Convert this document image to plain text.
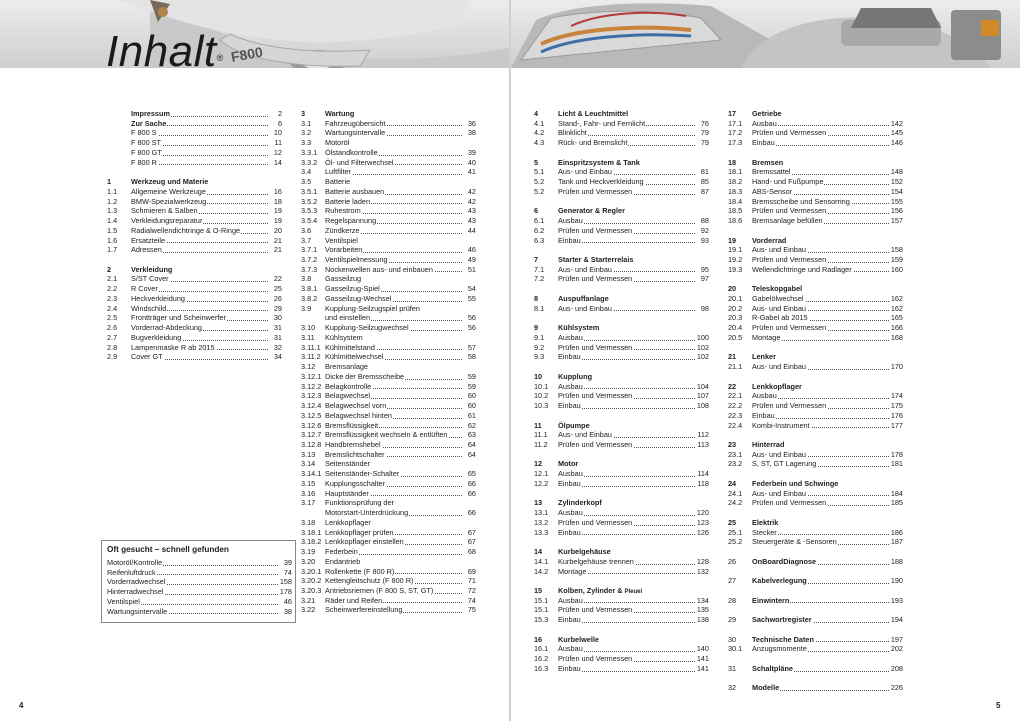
F800
Inhalt®
Impressum	2
Zur Sache	6
F 800 S	10
F 800 ST	11
F 800 GT	12
F 800 R	14
1	Werkzeug und Materie
1.1 Allgemeine Werkzeuge	16
1.2 BMW-Spezialwerkzeug	18
1.3 Schmieren & Salben	19
1.4 Verkleidungsreparatur	19
1.5 Radialwellendichtringe & O-Ringe	20
1.6 Ersatzteile	21
1.7 Adressen	21
2	Verkleidung
2.1 S/ST Cover	22
2.2 R Cover	25
2.3 Heckverkleidung	26
2.4 Windschild	29
2.5 Frontträger und Scheinwerfer	30
2.6 Vorderrad-Abdeckung	31
2.7 Bugverkleidung	31
2.8 Lampenmaske R ab 2015	32
2.9 Cover GT	34
3	Wartung
3.1 Fahrzeugübersicht	36
3.2 Wartungsintervalle	38
3.3 Motoröl
3.3.1 Ölstandkontrolle	39
3.3.2 Öl- und Filterwechsel	40
3.4 Luftfilter	41
3.5 Batterie
3.5.1 Batterie ausbauen	42
3.5.2 Batterie laden	42
3.5.3 Ruhestrom	43
3.5.4 Regelspannung	43
3.6 Zündkerze	44
3.7 Ventilspiel
3.7.1 Vorarbeiten	46
3.7.2 Ventilspielmessung	49
3.7.3 Nockenwellen aus- und einbauen	51
3.8 Gasseilzug
3.8.1 Gasseilzug-Spiel	54
3.8.2 Gasseilzug-Wechsel	55
3.9 Kupplung-Seilzugspiel prüfen
und einstellen	56
3.10 Kupplung-Seilzugwechsel	56
3.11 Kühlsystem
3.11.1 Kühlmittelstand	57
3.11.2 Kühlmittelwechsel	58
3.12 Bremsanlage
3.12.1 Dicke der Bremsscheibe	59
3.12.2 Belagkontrolle	59
3.12.3 Belagwechsel	60
3.12.4 Belagwechsel vorn	60
3.12.5 Belagwechsel hinten	61
3.12.6 Bremsflüssigkeit	62
3.12.7 Bremsflüssigkeit wechseln & entlüften	63
3.12.8 Handbremshebel	64
3.13 Bremslichtschalter	64
3.14 Seitenständer
3.14.1 Seitenständer-Schalter	65
3.15 Kupplungsschalter	66
3.16 Hauptständer	66
3.17 Funktionsprüfung der
Motorstart-Unterdrückung	66
3.18 Lenkkopflager
3.18.1 Lenkkopflager prüfen	67
3.18.2 Lenkkopflager einstellen	67
3.19 Federbein	68
3.20 Endantrieb
3.20.1 Rollenkette (F 800 R)	69
3.20.2 Kettengleitschutz (F 800 R)	71
3.20.3 Antriebsriemen (F 800 S, ST, GT)	72
3.21 Räder und Reifen	74
3.22 Scheinwerfereinstellung	75
4	Licht & Leuchtmittel
4.1 Stand-, Fahr- und Fernlicht	76
4.2 Blinklicht	79
4.3 Rück- und Bremslicht	79
5	Einspritzsystem & Tank
5.1 Aus- und Einbau	81
5.2 Tank und Heckverkleidung	85
5.2 Prüfen und Vermessen	87
6	Generator & Regler
6.1 Ausbau	88
6.2 Prüfen und Vermessen	92
6.3 Einbau	93
7	Starter & Starterrelais
7.1 Aus- und Einbau	95
7.2 Prüfen und Vermessen	97
8	Auspuffanlage
8.1 Aus- und Einbau	98
9	Kühlsystem
9.1 Ausbau	100
9.2 Prüfen und Vermessen	102
9.3 Einbau	102
10 Kupplung
10.1 Ausbau	104
10.2 Prüfen und Vermessen	107
10.3 Einbau	108
11 Ölpumpe
11.1 Aus- und Einbau	112
11.2 Prüfen und Vermessen	113
12 Motor
12.1 Ausbau	114
12.2 Einbau	118
13 Zylinderkopf
13.1 Ausbau	120
13.2 Prüfen und Vermessen	123
13.3 Einbau	126
14 Kurbelgehäuse
14.1 Kurbelgehäuse trennen	128
14.2 Montage	132
15 Kolben, Zylinder & Pleuel
15.1 Ausbau	134
15.1 Prüfen und Vermessen	135
15.3 Einbau	138
16 Kurbelwelle
16.1 Ausbau	140
16.2 Prüfen und Vermessen	141
16.3 Einbau	141
17 Getriebe
17.1 Ausbau	142
17.2 Prüfen und Vermessen	145
17.3 Einbau	146
18 Bremsen
18.1 Bremssattel	148
18.2 Hand- und Fußpumpe	152
18.3 ABS-Sensor	154
18.4 Bremsscheibe und Sensorring	155
18.5 Prüfen und Vermessen	156
18.6 Bremsanlage befüllen	157
19 Vorderrad
19.1 Aus- und Einbau	158
19.2 Prüfen und Vermessen	159
19.3 Wellendichtringe und Radlager	160
20 Teleskopgabel
20.1 Gabelölwechsel	162
20.2 Aus- und Einbau	162
20.3 R-Gabel ab 2015	165
20.4 Prüfen und Vermessen	166
20.5 Montage	168
21 Lenker
21.1 Aus- und Einbau	170
22 Lenkkopflager
22.1 Ausbau	174
22.2 Prüfen und Vermessen	175
22.3 Einbau	176
22.4 Kombi-Instrument	177
23 Hinterrad
23.1 Aus- und Einbau	178
23.2 S, ST, GT Lagerung	181
24 Federbein und Schwinge
24.1 Aus- und Einbau	184
24.2 Prüfen und Vermessen	185
25 Elektrik
25.1 Stecker	186
25.2 Steuergeräte & -Sensoren	187
26 OnBoardDiagnose	188
27 Kabelverlegung	190
28 Einwintern	193
29 Sachwortregister	194
30 Technische Daten	197
30.1 Anzugsmomente	202
31 Schaltpläne	208
32 Modelle	226
Oft gesucht – schnell gefunden
Motoröl/Kontrolle	39
Reifenluftdruck	74
Vorderradwechsel	158
Hinterradwechsel	178
Ventilspiel	46
Wartungsintervalle	38
4	5
